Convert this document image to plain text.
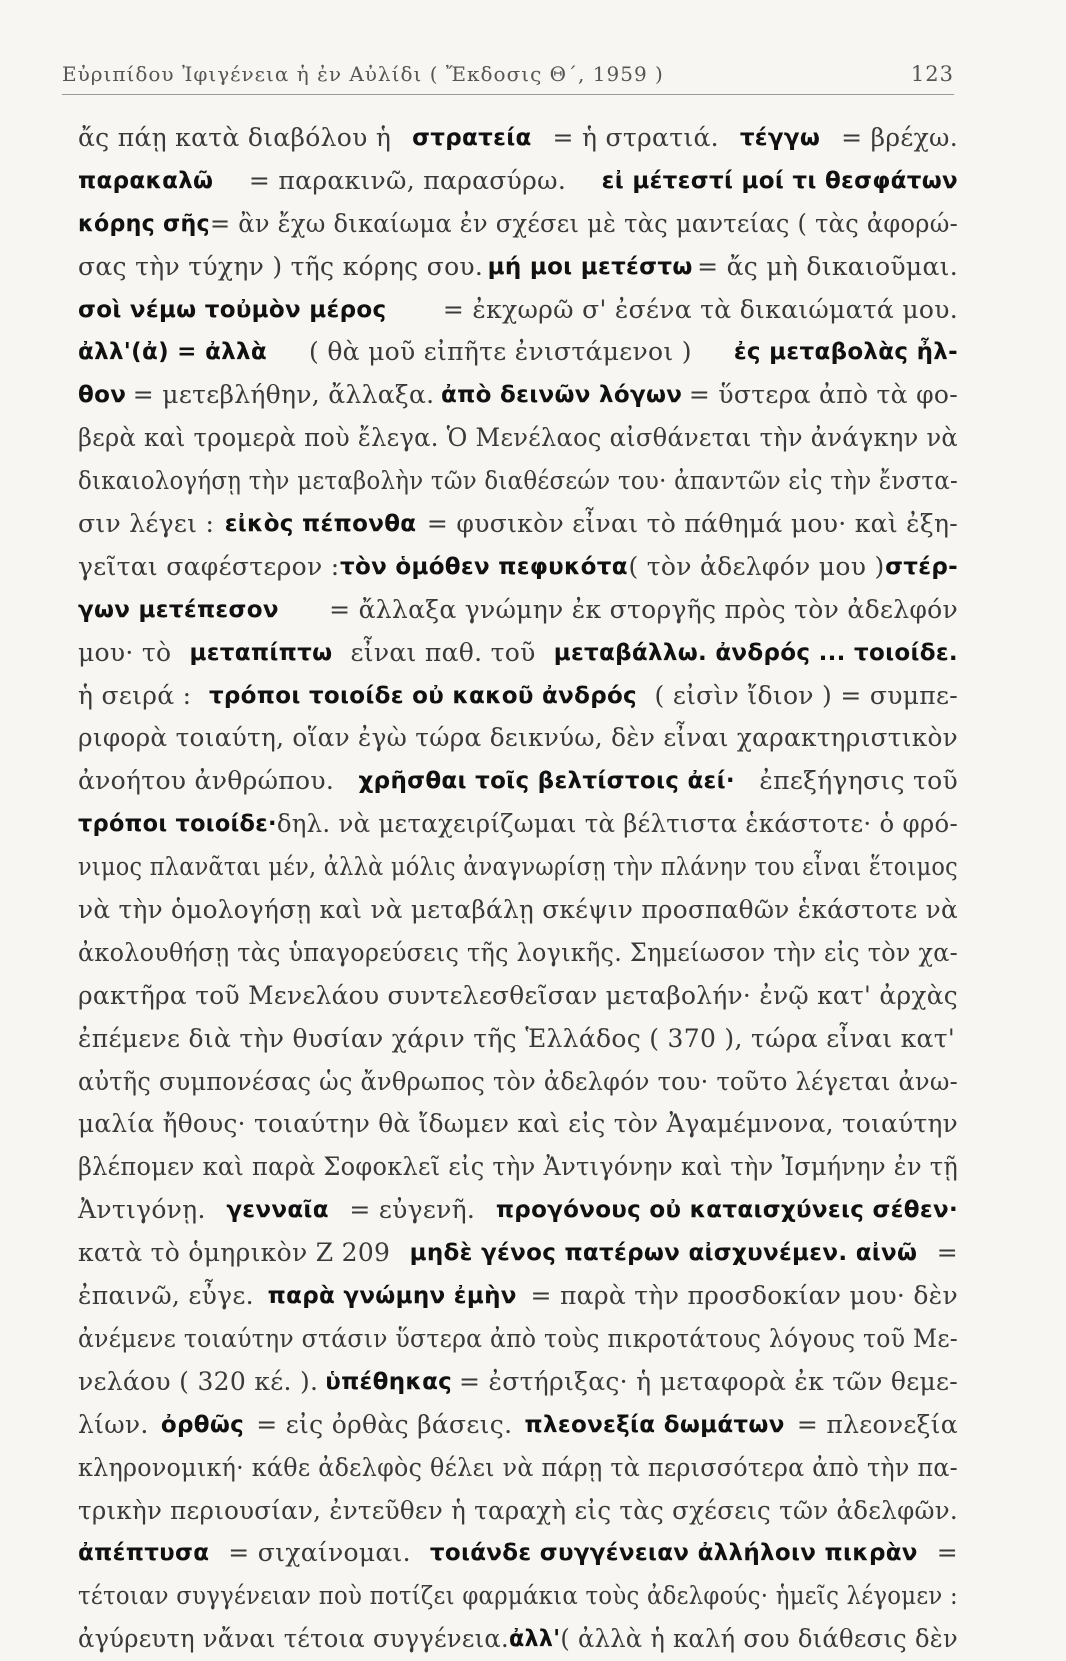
Εὐριπίδου Ἰφιγένεια ἡ ἐν Αὐλίδι ( Ἔκδοσις Θ΄, 1959 )	123
ἄς πάῃ κατὰ διαβόλου ἡ στρατεία = ἡ στρατιά. τέγγω = βρέχω.
παρακαλῶ = παρακινῶ, παρασύρω. εἰ μέτεστί μοί τι θεσφάτων
κόρης σῆς = ἂν ἔχω δικαίωμα ἐν σχέσει μὲ τὰς μαντείας ( τὰς ἀφορώ-
σας τὴν τύχην ) τῆς κόρης σου. μή μοι μετέστω = ἄς μὴ δικαιοῦμαι.
σοὶ νέμω τοὐμὸν μέρος = ἐκχωρῶ σ' ἐσένα τὰ δικαιώματά μου.
ἀλλ'(ἀ) = ἀλλὰ ( θὰ μοῦ εἰπῆτε ἐνιστάμενοι ) ἐς μεταβολὰς ἦλ-
θον = μετεβλήθην, ἄλλαξα. ἀπὸ δεινῶν λόγων = ὕστερα ἀπὸ τὰ φο-
βερὰ καὶ τρομερὰ ποὺ ἔλεγα. Ὁ Μενέλαος αἰσθάνεται τὴν ἀνάγκην νὰ
δικαιολογήσῃ τὴν μεταβολὴν τῶν διαθέσεών του· ἀπαντῶν εἰς τὴν ἔνστα-
σιν λέγει : εἰκὸς πέπονθα = φυσικὸν εἶναι τὸ πάθημά μου· καὶ ἐξη-
γεῖται σαφέστερον : τὸν ὁμόθεν πεφυκότα ( τὸν ἀδελφόν μου ) στέρ-
γων μετέπεσον = ἄλλαξα γνώμην ἐκ στοργῆς πρὸς τὸν ἀδελφόν
μου· τὸ μεταπίπτω εἶναι παθ. τοῦ μεταβάλλω. ἀνδρός ... τοιοίδε.
ἡ σειρά : τρόποι τοιοίδε οὐ κακοῦ ἀνδρός ( εἰσὶν ἴδιον ) = συμπε-
ριφορὰ τοιαύτη, οἵαν ἐγὼ τώρα δεικνύω, δὲν εἶναι χαρακτηριστικὸν
ἀνοήτου ἀνθρώπου. χρῆσθαι τοῖς βελτίστοις ἀεί· ἐπεξήγησις τοῦ
τρόποι τοιοίδε· δηλ. νὰ μεταχειρίζωμαι τὰ βέλτιστα ἑκάστοτε· ὁ φρό-
νιμος πλανᾶται μέν, ἀλλὰ μόλις ἀναγνωρίσῃ τὴν πλάνην του εἶναι ἕτοιμος
νὰ τὴν ὁμολογήσῃ καὶ νὰ μεταβάλῃ σκέψιν προσπαθῶν ἑκάστοτε νὰ
ἀκολουθήσῃ τὰς ὑπαγορεύσεις τῆς λογικῆς. Σημείωσον τὴν εἰς τὸν χα-
ρακτῆρα τοῦ Μενελάου συντελεσθεῖσαν μεταβολήν· ἐνῷ κατ' ἀρχὰς
ἐπέμενε διὰ τὴν θυσίαν χάριν τῆς Ἑλλάδος ( 370 ), τώρα εἶναι κατ'
αὐτῆς συμπονέσας ὡς ἄνθρωπος τὸν ἀδελφόν του· τοῦτο λέγεται ἀνω-
μαλία ἤθους· τοιαύτην θὰ ἴδωμεν καὶ εἰς τὸν Ἀγαμέμνονα, τοιαύτην
βλέπομεν καὶ παρὰ Σοφοκλεῖ εἰς τὴν Ἀντιγόνην καὶ τὴν Ἰσμήνην ἐν τῇ
Ἀντιγόνῃ. γενναῖα = εὐγενῆ. προγόνους οὐ καταισχύνεις σέθεν·
κατὰ τὸ ὁμηρικὸν Ζ 209 μηδὲ γένος πατέρων αἰσχυνέμεν. αἰνῶ =
ἐπαινῶ, εὖγε. παρὰ γνώμην ἐμὴν = παρὰ τὴν προσδοκίαν μου· δὲν
ἀνέμενε τοιαύτην στάσιν ὕστερα ἀπὸ τοὺς πικροτάτους λόγους τοῦ Με-
νελάου ( 320 κέ. ). ὑπέθηκας = ἐστήριξας· ἡ μεταφορὰ ἐκ τῶν θεμε-
λίων. ὀρθῶς = εἰς ὀρθὰς βάσεις. πλεονεξία δωμάτων = πλεονεξία
κληρονομική· κάθε ἀδελφὸς θέλει νὰ πάρῃ τὰ περισσότερα ἀπὸ τὴν πα-
τρικὴν περιουσίαν, ἐντεῦθεν ἡ ταραχὴ εἰς τὰς σχέσεις τῶν ἀδελφῶν.
ἀπέπτυσα = σιχαίνομαι. τοιάνδε συγγένειαν ἀλλήλοιν πικρὰν =
τέτοιαν συγγένειαν ποὺ ποτίζει φαρμάκια τοὺς ἀδελφούς· ἡμεῖς λέγομεν :
ἀγύρευτη νἄναι τέτοια συγγένεια. ἀλλ' ( ἀλλὰ ἡ καλή σου διάθεσις δὲν
